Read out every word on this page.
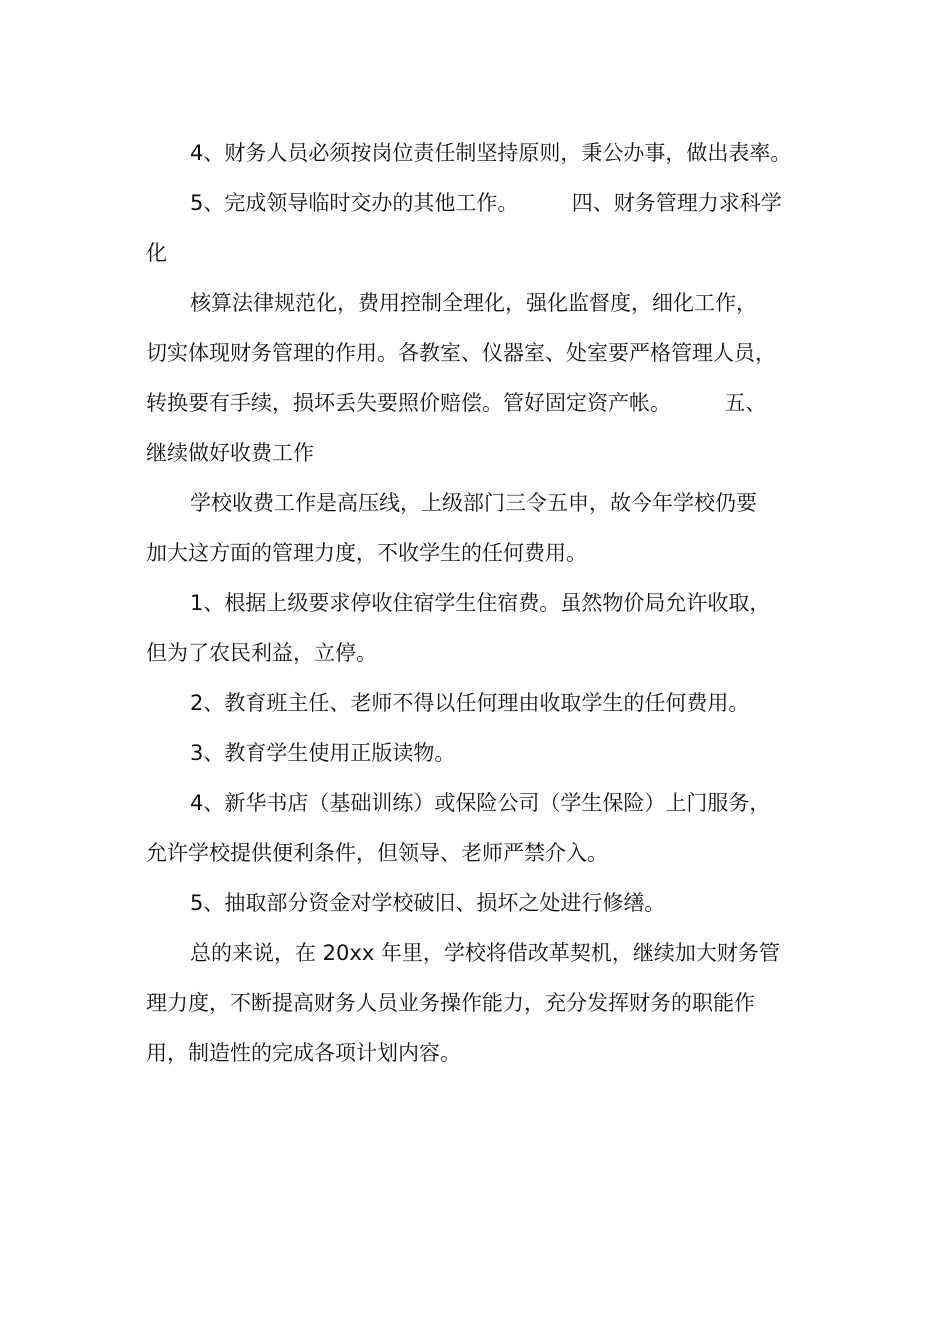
4、财务人员必须按岗位责任制坚持原则，秉公办事，做出表率。
5、完成领导临时交办的其他工作。        四、财务管理力求科学
化
核算法律规范化，费用控制全理化，强化监督度，细化工作，
切实体现财务管理的作用。各教室、仪器室、处室要严格管理人员，
转换要有手续，损坏丢失要照价赔偿。管好固定资产帐。        五、
继续做好收费工作
学校收费工作是高压线，上级部门三令五申，故今年学校仍要
加大这方面的管理力度，不收学生的任何费用。
1、根据上级要求停收住宿学生住宿费。虽然物价局允许收取，
但为了农民利益，立停。
2、教育班主任、老师不得以任何理由收取学生的任何费用。
3、教育学生使用正版读物。
4、新华书店（基础训练）或保险公司（学生保险）上门服务，
允许学校提供便利条件，但领导、老师严禁介入。
5、抽取部分资金对学校破旧、损坏之处进行修缮。
总的来说，在 20xx 年里，学校将借改革契机，继续加大财务管
理力度，不断提高财务人员业务操作能力，充分发挥财务的职能作
用，制造性的完成各项计划内容。
